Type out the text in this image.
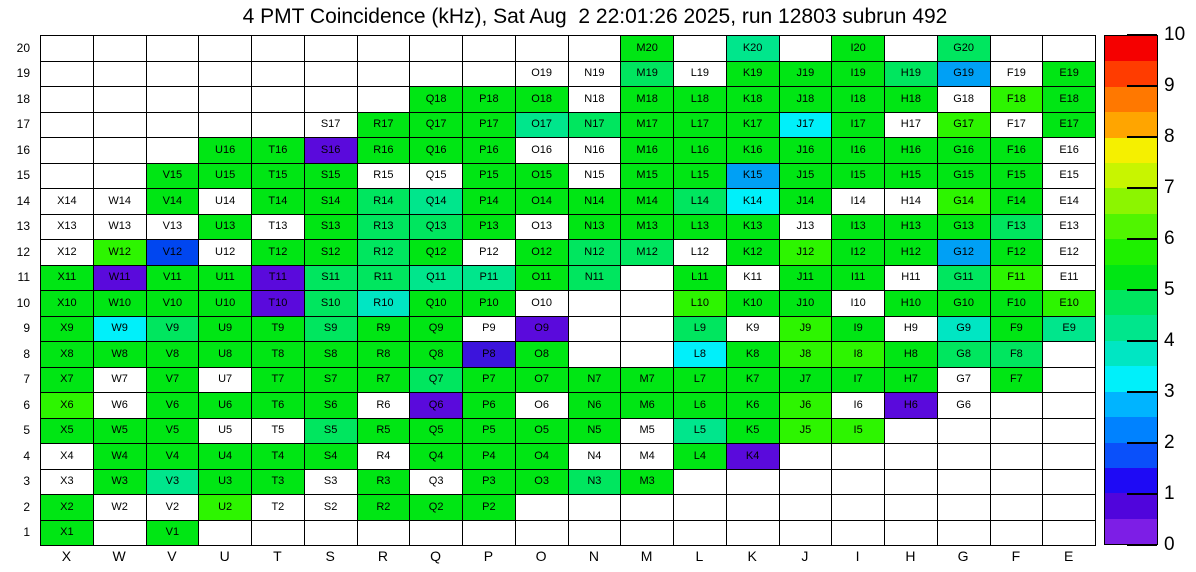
4 PMT Coincidence (kHz), Sat Aug  2 22:01:26 2025, run 12803 subrun 492
20
19
18
17
16
15
14
13
12
11
10
9
8
7
6
5
4
3
2
1
M20	K20	I20	G20
O19	N19	M19	L19	K19	J19	I19	H19	G19	F19	E19
Q18	P18	O18	N18	M18	L18	K18	J18	I18	H18	G18	F18	E18
S17	R17	Q17	P17	O17	N17	M17	L17	K17	J17	I17	H17	G17	F17	E17
U16	T16	S16	R16	Q16	P16	O16	N16	M16	L16	K16	J16	I16	H16	G16	F16	E16
V15	U15	T15	S15	R15	Q15	P15	O15	N15	M15	L15	K15	J15	I15	H15	G15	F15	E15
X14	W14	V14	U14	T14	S14	R14	Q14	P14	O14	N14	M14	L14	K14	J14	I14	H14	G14	F14	E14
X13	W13	V13	U13	T13	S13	R13	Q13	P13	O13	N13	M13	L13	K13	J13	I13	H13	G13	F13	E13
X12	W12	V12	U12	T12	S12	R12	Q12	P12	O12	N12	M12	L12	K12	J12	I12	H12	G12	F12	E12
X11	W11	V11	U11	T11	S11	R11	Q11	P11	O11	N11	L11	K11	J11	I11	H11	G11	F11	E11
X10	W10	V10	U10	T10	S10	R10	Q10	P10	O10	L10	K10	J10	I10	H10	G10	F10	E10
X9	W9	V9	U9	T9	S9	R9	Q9	P9	O9	L9	K9	J9	I9	H9	G9	F9	E9
X8	W8	V8	U8	T8	S8	R8	Q8	P8	O8	L8	K8	J8	I8	H8	G8	F8
X7	W7	V7	U7	T7	S7	R7	Q7	P7	O7	N7	M7	L7	K7	J7	I7	H7	G7	F7
X6	W6	V6	U6	T6	S6	R6	Q6	P6	O6	N6	M6	L6	K6	J6	I6	H6	G6
X5	W5	V5	U5	T5	S5	R5	Q5	P5	O5	N5	M5	L5	K5	J5	I5
X4	W4	V4	U4	T4	S4	R4	Q4	P4	O4	N4	M4	L4	K4
X3	W3	V3	U3	T3	S3	R3	Q3	P3	O3	N3	M3
X2	W2	V2	U2	T2	S2	R2	Q2	P2
X1	V1
X	W	V	U	T	S	R	Q	P	O	N	M	L	K	J	I	H	G	F	E
10
9
8
7
6
5
4
3
2
1
0
